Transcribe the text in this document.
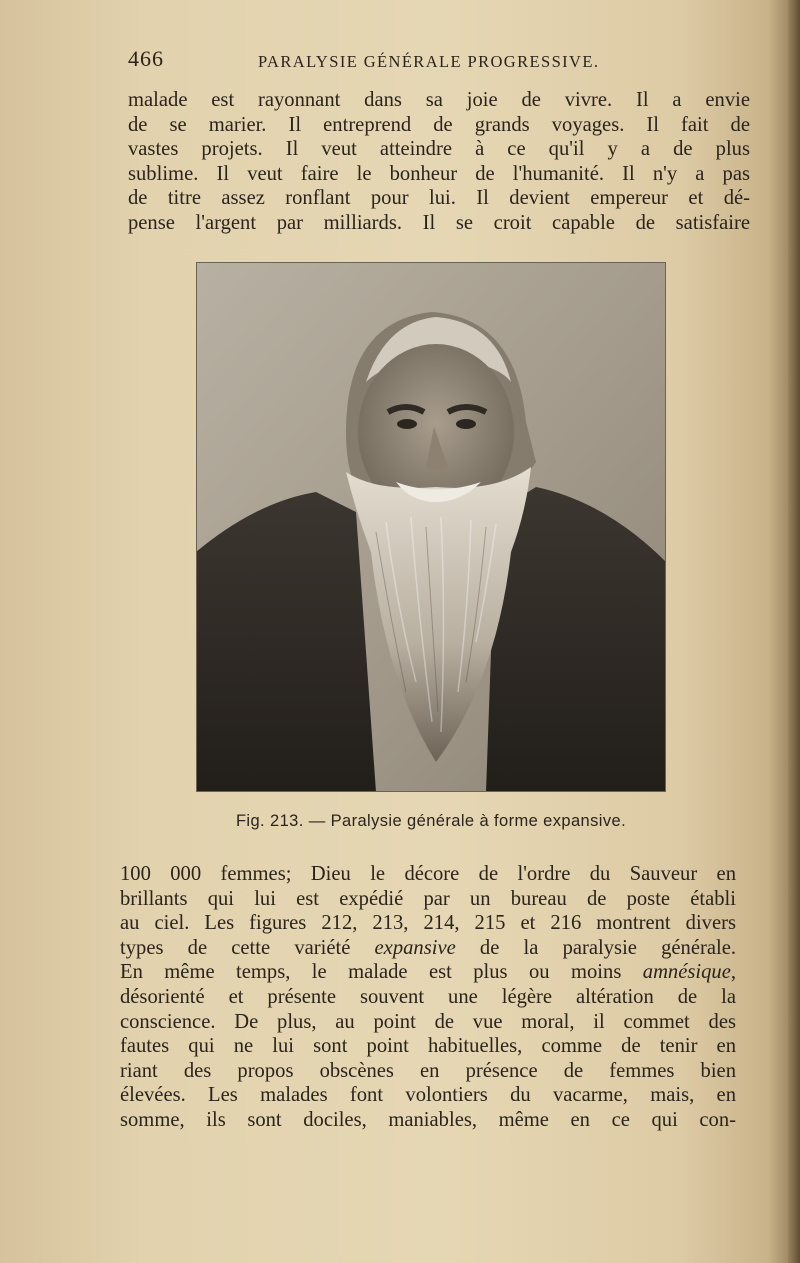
466	PARALYSIE GÉNÉRALE PROGRESSIVE.
malade est rayonnant dans sa joie de vivre. Il a envie
de se marier. Il entreprend de grands voyages. Il fait de
vastes projets. Il veut atteindre à ce qu'il y a de plus
sublime. Il veut faire le bonheur de l'humanité. Il n'y a pas
de titre assez ronflant pour lui. Il devient empereur et dé-
pense l'argent par milliards. Il se croit capable de satisfaire
Fig. 213. — Paralysie générale à forme expansive.
100 000 femmes; Dieu le décore de l'ordre du Sauveur en
brillants qui lui est expédié par un bureau de poste établi
au ciel. Les figures 212, 213, 214, 215 et 216 montrent divers
types de cette variété expansive de la paralysie générale.
En même temps, le malade est plus ou moins amnésique,
désorienté et présente souvent une légère altération de la
conscience. De plus, au point de vue moral, il commet des
fautes qui ne lui sont point habituelles, comme de tenir en
riant des propos obscènes en présence de femmes bien
élevées. Les malades font volontiers du vacarme, mais, en
somme, ils sont dociles, maniables, même en ce qui con-
